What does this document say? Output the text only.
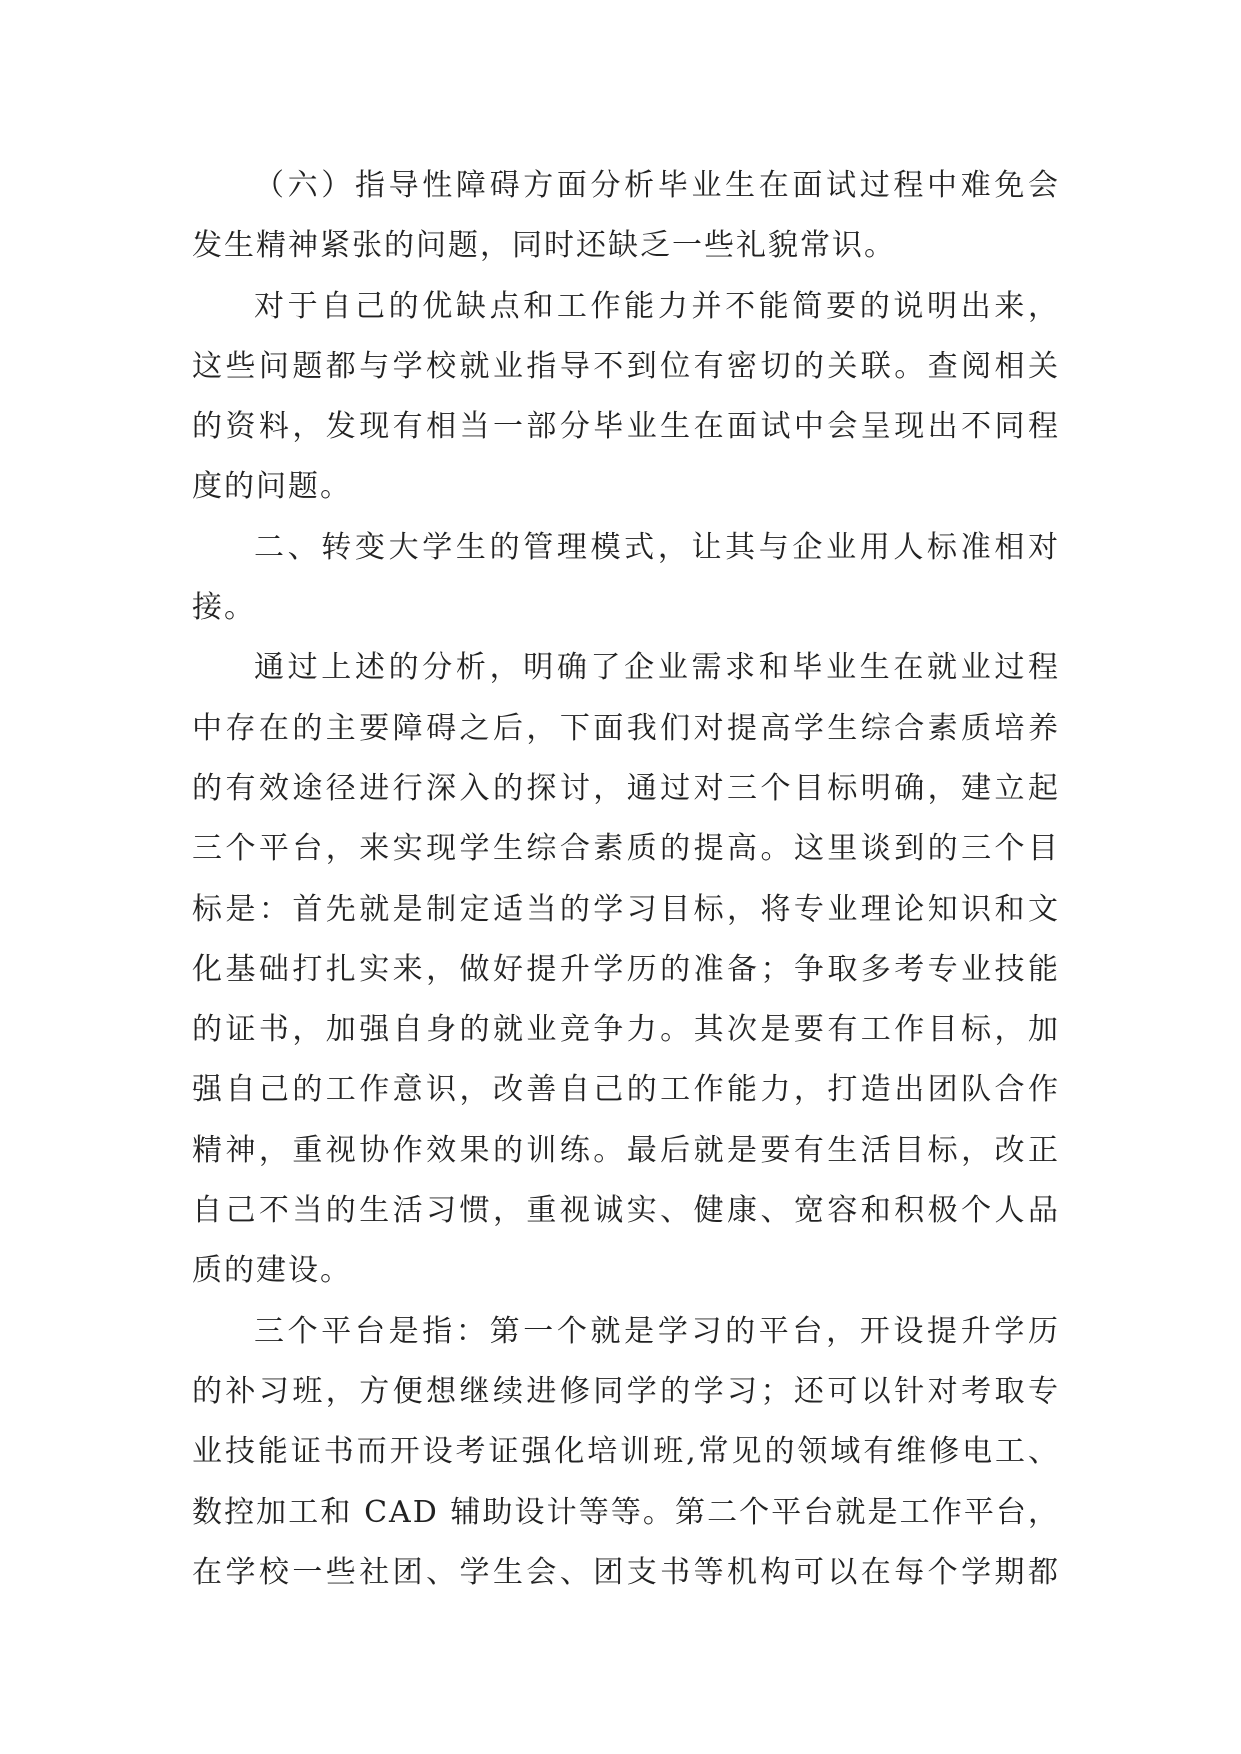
（六）指导性障碍方面分析毕业生在面试过程中难免会
发生精神紧张的问题，同时还缺乏一些礼貌常识。
对于自己的优缺点和工作能力并不能简要的说明出来，
这些问题都与学校就业指导不到位有密切的关联。查阅相关
的资料，发现有相当一部分毕业生在面试中会呈现出不同程
度的问题。
二、转变大学生的管理模式，让其与企业用人标准相对
接。
通过上述的分析，明确了企业需求和毕业生在就业过程
中存在的主要障碍之后，下面我们对提高学生综合素质培养
的有效途径进行深入的探讨，通过对三个目标明确，建立起
三个平台，来实现学生综合素质的提高。这里谈到的三个目
标是：首先就是制定适当的学习目标，将专业理论知识和文
化基础打扎实来，做好提升学历的准备；争取多考专业技能
的证书，加强自身的就业竞争力。其次是要有工作目标，加
强自己的工作意识，改善自己的工作能力，打造出团队合作
精神，重视协作效果的训练。最后就是要有生活目标，改正
自己不当的生活习惯，重视诚实、健康、宽容和积极个人品
质的建设。
三个平台是指：第一个就是学习的平台，开设提升学历
的补习班，方便想继续进修同学的学习；还可以针对考取专
业技能证书而开设考证强化培训班,常见的领域有维修电工、
数控加工和 CAD 辅助设计等等。第二个平台就是工作平台，
在学校一些社团、学生会、团支书等机构可以在每个学期都
